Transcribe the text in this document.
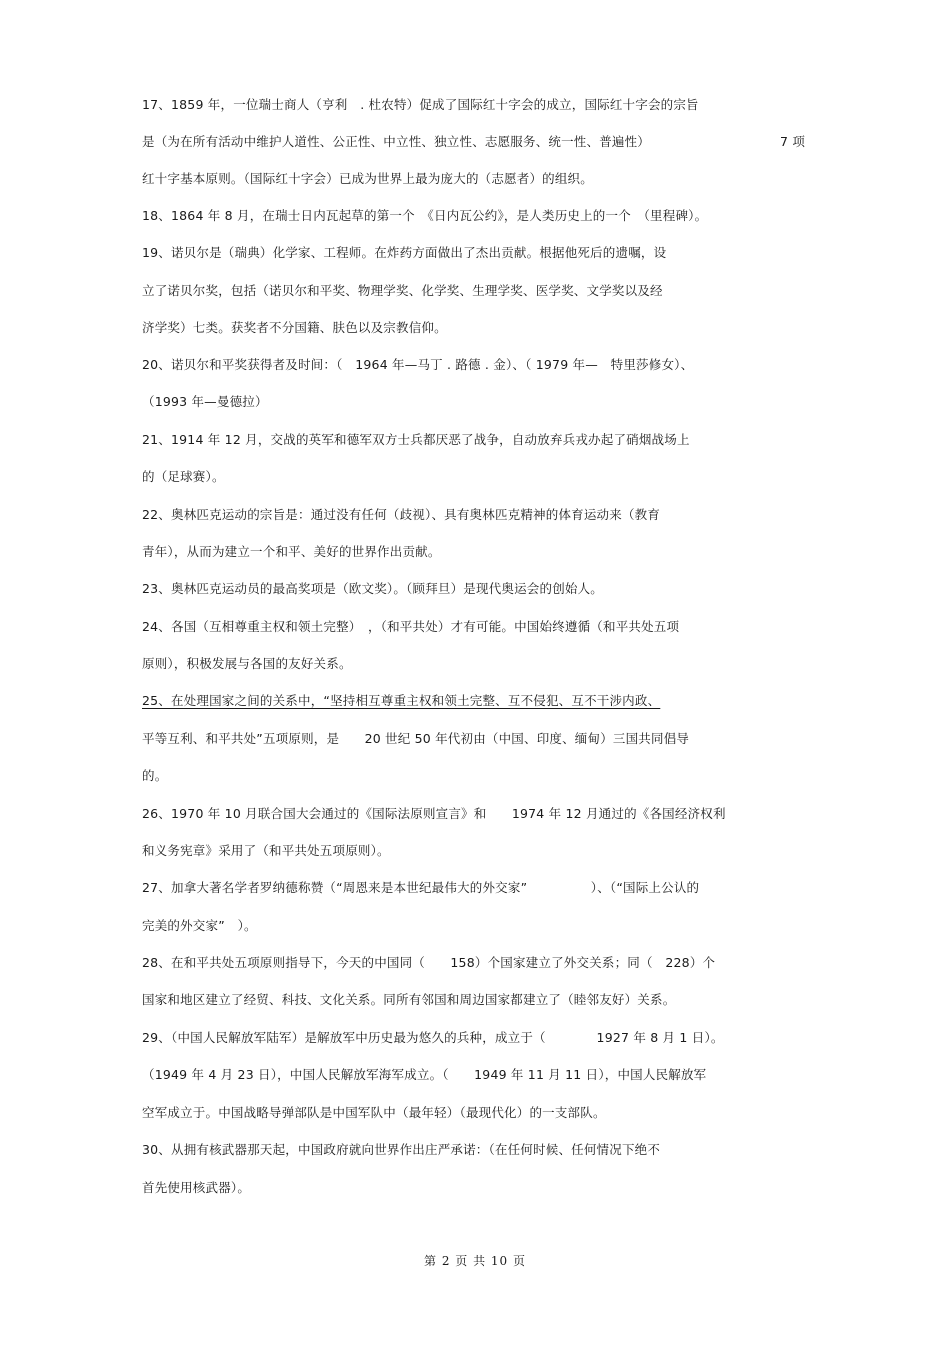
17、1859 年，一位瑞士商人（亨利　. 杜农特）促成了国际红十字会的成立，国际红十字会的宗旨
是（为在所有活动中维护人道性、公正性、中立性、独立性、志愿服务、统一性、普遍性）	7 项
红十字基本原则。（国际红十字会）已成为世界上最为庞大的（志愿者）的组织。
18、1864 年 8 月，在瑞士日内瓦起草的第一个　《日内瓦公约》，是人类历史上的一个　（里程碑）。
19、诺贝尔是（瑞典）化学家、工程师。在炸药方面做出了杰出贡献。根据他死后的遗嘱，设
立了诺贝尔奖，包括（诺贝尔和平奖、物理学奖、化学奖、生理学奖、医学奖、文学奖以及经
济学奖）七类。获奖者不分国籍、肤色以及宗教信仰。
20、诺贝尔和平奖获得者及时间：（　1964 年—马丁 . 路德 . 金）、（ 1979 年—　特里莎修女）、
（1993 年—曼德拉）
21、1914 年 12 月，交战的英军和德军双方士兵都厌恶了战争，自动放弃兵戎办起了硝烟战场上
的（足球赛）。
22、奥林匹克运动的宗旨是：通过没有任何（歧视）、具有奥林匹克精神的体育运动来（教育
青年），从而为建立一个和平、美好的世界作出贡献。
23、奥林匹克运动员的最高奖项是（欧文奖）。（顾拜旦）是现代奥运会的创始人。
24、各国（互相尊重主权和领土完整）　，（和平共处）才有可能。中国始终遵循（和平共处五项
原则），积极发展与各国的友好关系。
25、在处理国家之间的关系中，“坚持相互尊重主权和领土完整、互不侵犯、互不干涉内政、
平等互利、和平共处”五项原则，是　　20 世纪 50 年代初由（中国、印度、缅甸）三国共同倡导
的。
26、1970 年 10 月联合国大会通过的《国际法原则宣言》和　　1974 年 12 月通过的《各国经济权利
和义务宪章》采用了（和平共处五项原则）。
27、加拿大著名学者罗纳德称赞（“周恩来是本世纪最伟大的外交家”　　　　　）、（“国际上公认的
完美的外交家”　）。
28、在和平共处五项原则指导下，今天的中国同（　　158）个国家建立了外交关系；同（　228）个
国家和地区建立了经贸、科技、文化关系。同所有邻国和周边国家都建立了（睦邻友好）关系。
29、（中国人民解放军陆军）是解放军中历史最为悠久的兵种，成立于（　　　　1927 年 8 月 1 日）。
（1949 年 4 月 23 日），中国人民解放军海军成立。（　　1949 年 11 月 11 日），中国人民解放军
空军成立于。中国战略导弹部队是中国军队中（最年轻）（最现代化）的一支部队。
30、从拥有核武器那天起，中国政府就向世界作出庄严承诺：（在任何时候、任何情况下绝不
首先使用核武器）。
第 2 页 共 10 页
